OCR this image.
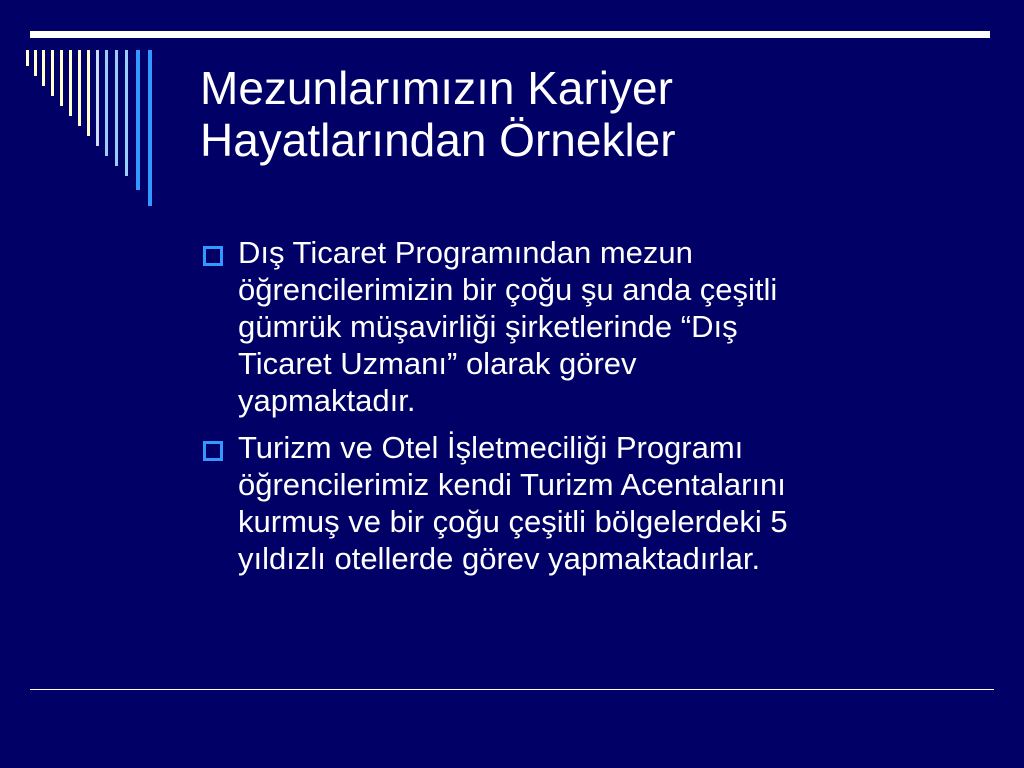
Mezunlarımızın Kariyer
Hayatlarından Örnekler
Dış Ticaret Programından mezun
öğrencilerimizin bir çoğu şu anda çeşitli
gümrük müşavirliği şirketlerinde “Dış
Ticaret Uzmanı” olarak görev
yapmaktadır.
Turizm ve Otel İşletmeciliği Programı
öğrencilerimiz kendi Turizm Acentalarını
kurmuş ve bir çoğu çeşitli bölgelerdeki 5
yıldızlı otellerde görev yapmaktadırlar.
